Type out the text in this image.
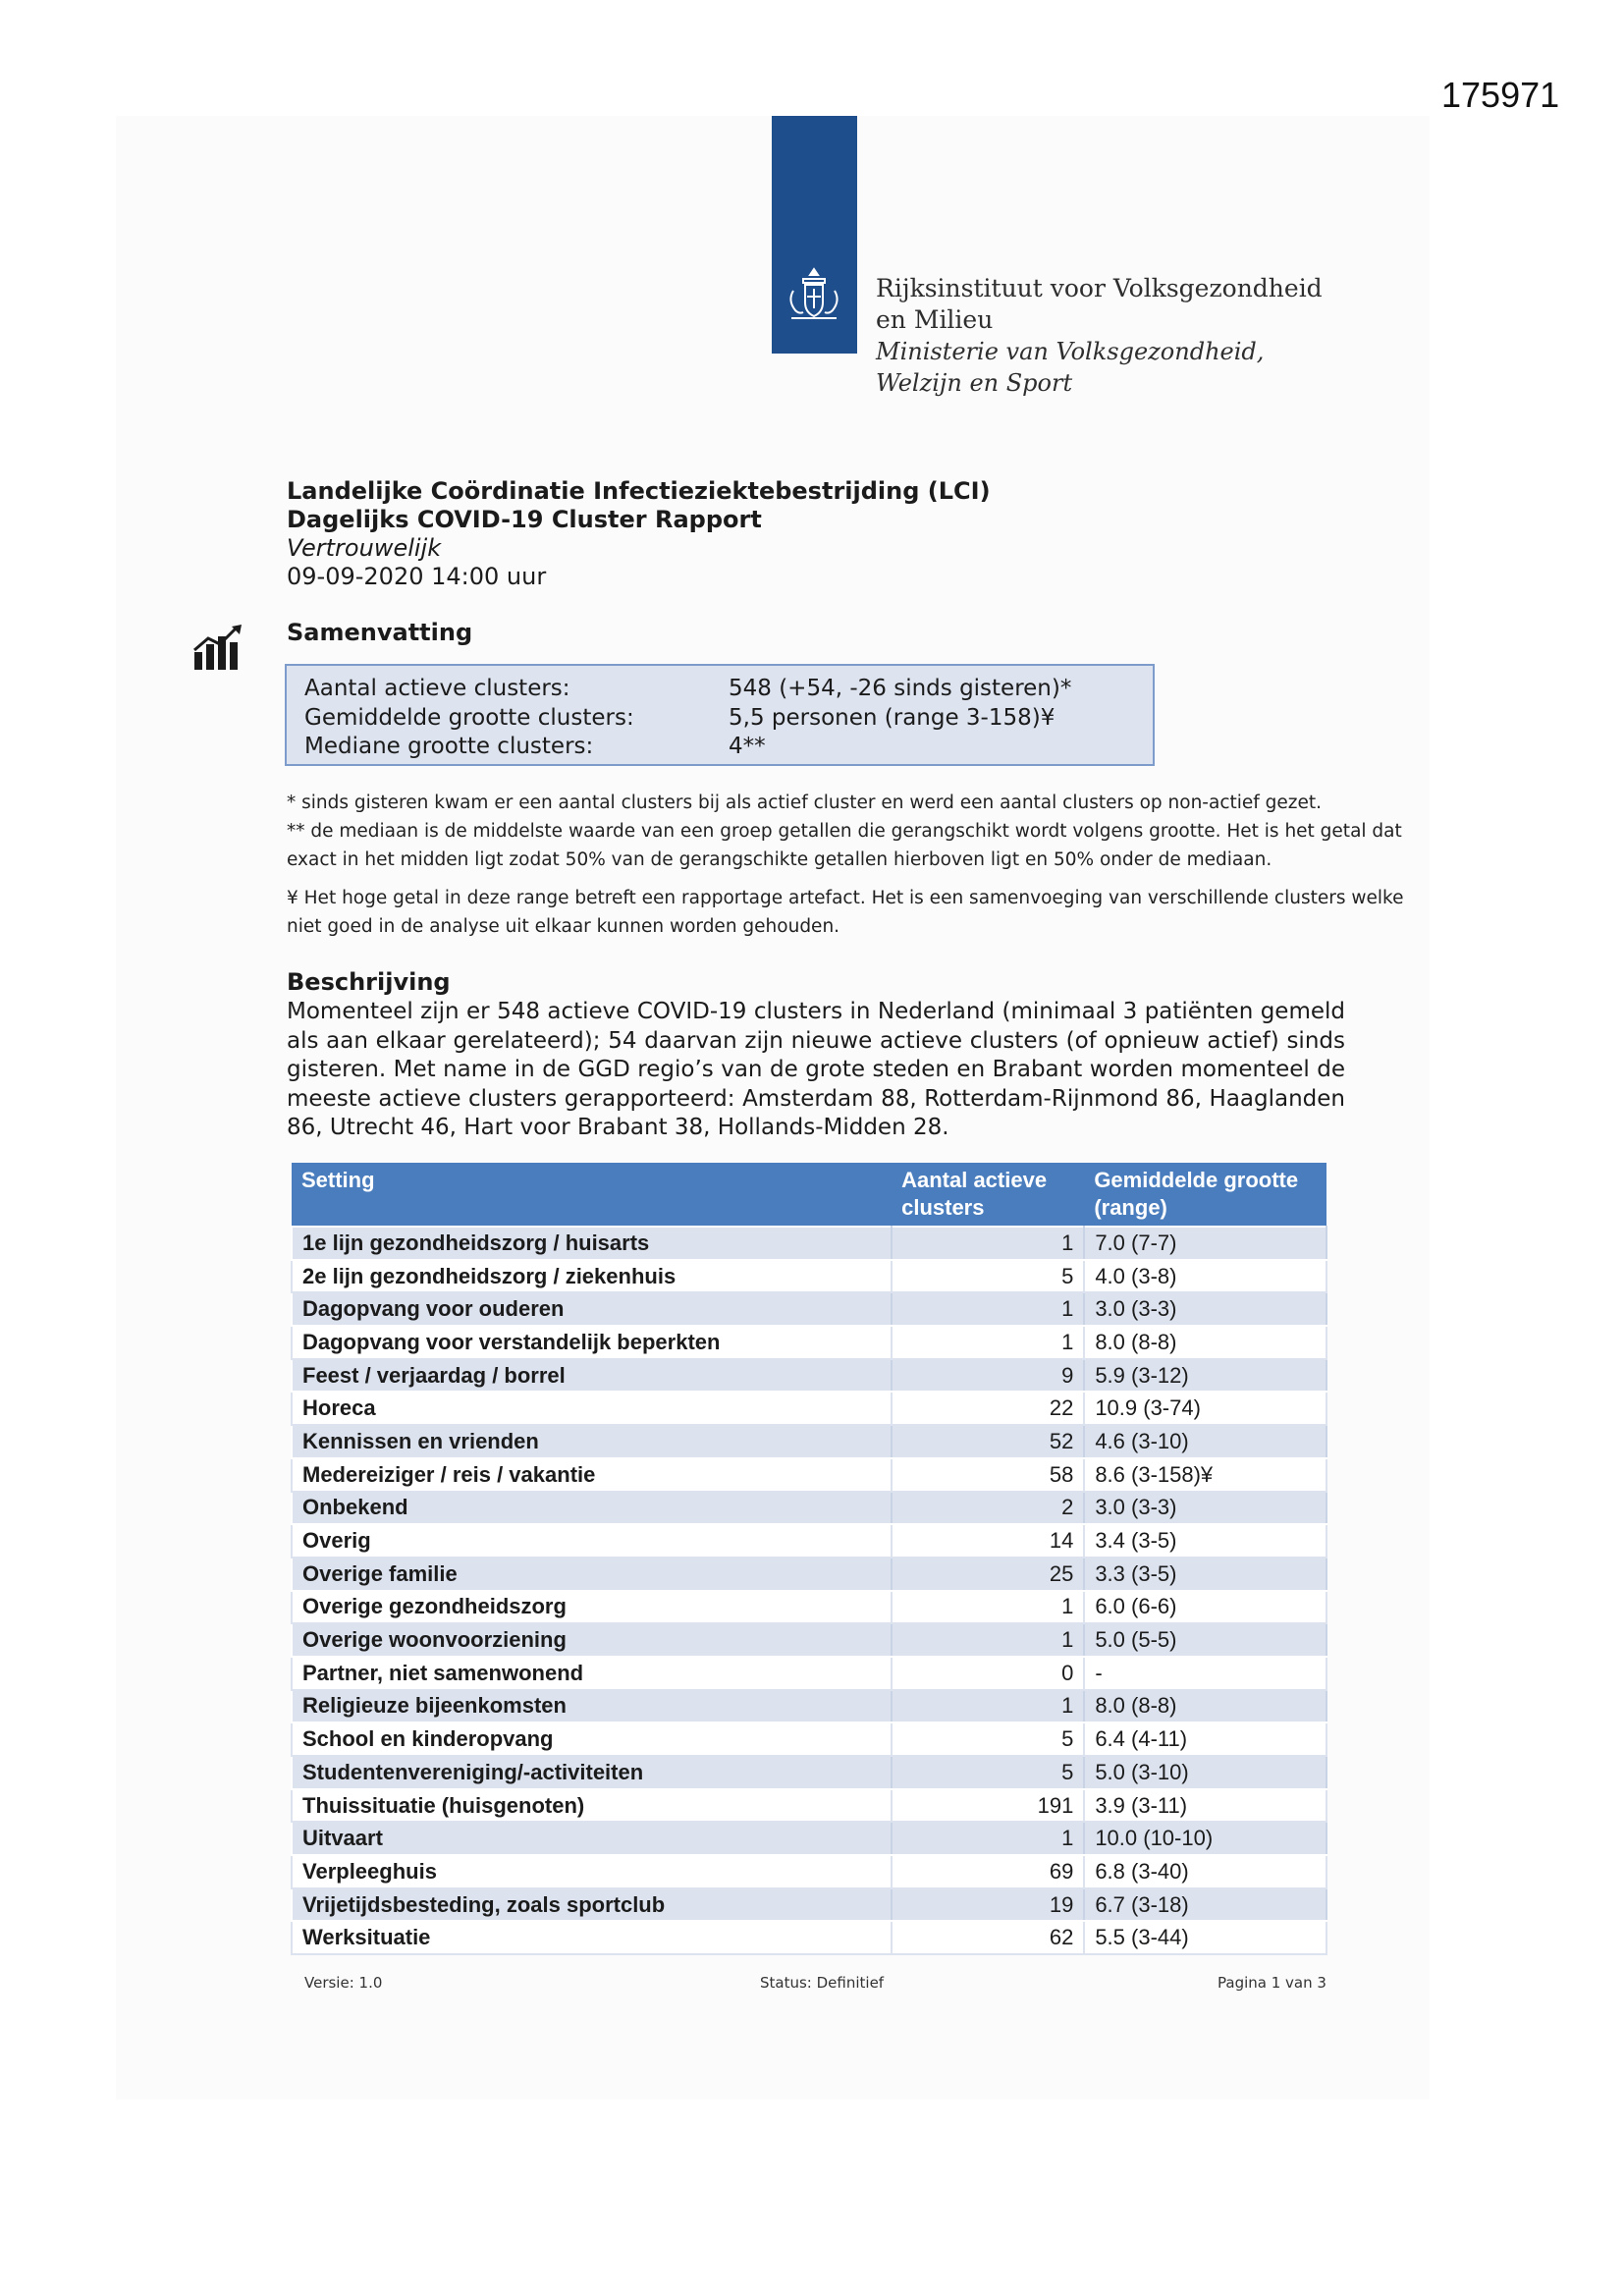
175971
Rijksinstituut voor Volksgezondheid
en Milieu
Ministerie van Volksgezondheid,
Welzijn en Sport
Landelijke Coördinatie Infectieziektebestrijding (LCI)
Dagelijks COVID-19 Cluster Rapport
Vertrouwelijk
09-09-2020 14:00 uur
Samenvatting
Aantal actieve clusters:	548 (+54, -26 sinds gisteren)*
Gemiddelde grootte clusters:	5,5 personen (range 3-158)¥
Mediane grootte clusters:	4**
* sinds gisteren kwam er een aantal clusters bij als actief cluster en werd een aantal clusters op non-actief gezet.
** de mediaan is de middelste waarde van een groep getallen die gerangschikt wordt volgens grootte. Het is het getal dat exact in het midden ligt zodat 50% van de gerangschikte getallen hierboven ligt en 50% onder de mediaan.
¥ Het hoge getal in deze range betreft een rapportage artefact. Het is een samenvoeging van verschillende clusters welke niet goed in de analyse uit elkaar kunnen worden gehouden.
Beschrijving
Momenteel zijn er 548 actieve COVID-19 clusters in Nederland (minimaal 3 patiënten gemeld als aan elkaar gerelateerd); 54 daarvan zijn nieuwe actieve clusters (of opnieuw actief) sinds gisteren. Met name in de GGD regio’s van de grote steden en Brabant worden momenteel de meeste actieve clusters gerapporteerd: Amsterdam 88, Rotterdam-Rijnmond 86, Haaglanden 86, Utrecht 46, Hart voor Brabant 38, Hollands-Midden 28.
Setting	Aantal actieve clusters	Gemiddelde grootte (range)
1e lijn gezondheidszorg / huisarts	1	7.0 (7-7)
2e lijn gezondheidszorg / ziekenhuis	5	4.0 (3-8)
Dagopvang voor ouderen	1	3.0 (3-3)
Dagopvang voor verstandelijk beperkten	1	8.0 (8-8)
Feest / verjaardag / borrel	9	5.9 (3-12)
Horeca	22	10.9 (3-74)
Kennissen en vrienden	52	4.6 (3-10)
Medereiziger / reis / vakantie	58	8.6 (3-158)¥
Onbekend	2	3.0 (3-3)
Overig	14	3.4 (3-5)
Overige familie	25	3.3 (3-5)
Overige gezondheidszorg	1	6.0 (6-6)
Overige woonvoorziening	1	5.0 (5-5)
Partner, niet samenwonend	0	-
Religieuze bijeenkomsten	1	8.0 (8-8)
School en kinderopvang	5	6.4 (4-11)
Studentenvereniging/-activiteiten	5	5.0 (3-10)
Thuissituatie (huisgenoten)	191	3.9 (3-11)
Uitvaart	1	10.0 (10-10)
Verpleeghuis	69	6.8 (3-40)
Vrijetijdsbesteding, zoals sportclub	19	6.7 (3-18)
Werksituatie	62	5.5 (3-44)
Versie: 1.0	Status: Definitief	Pagina 1 van 3
